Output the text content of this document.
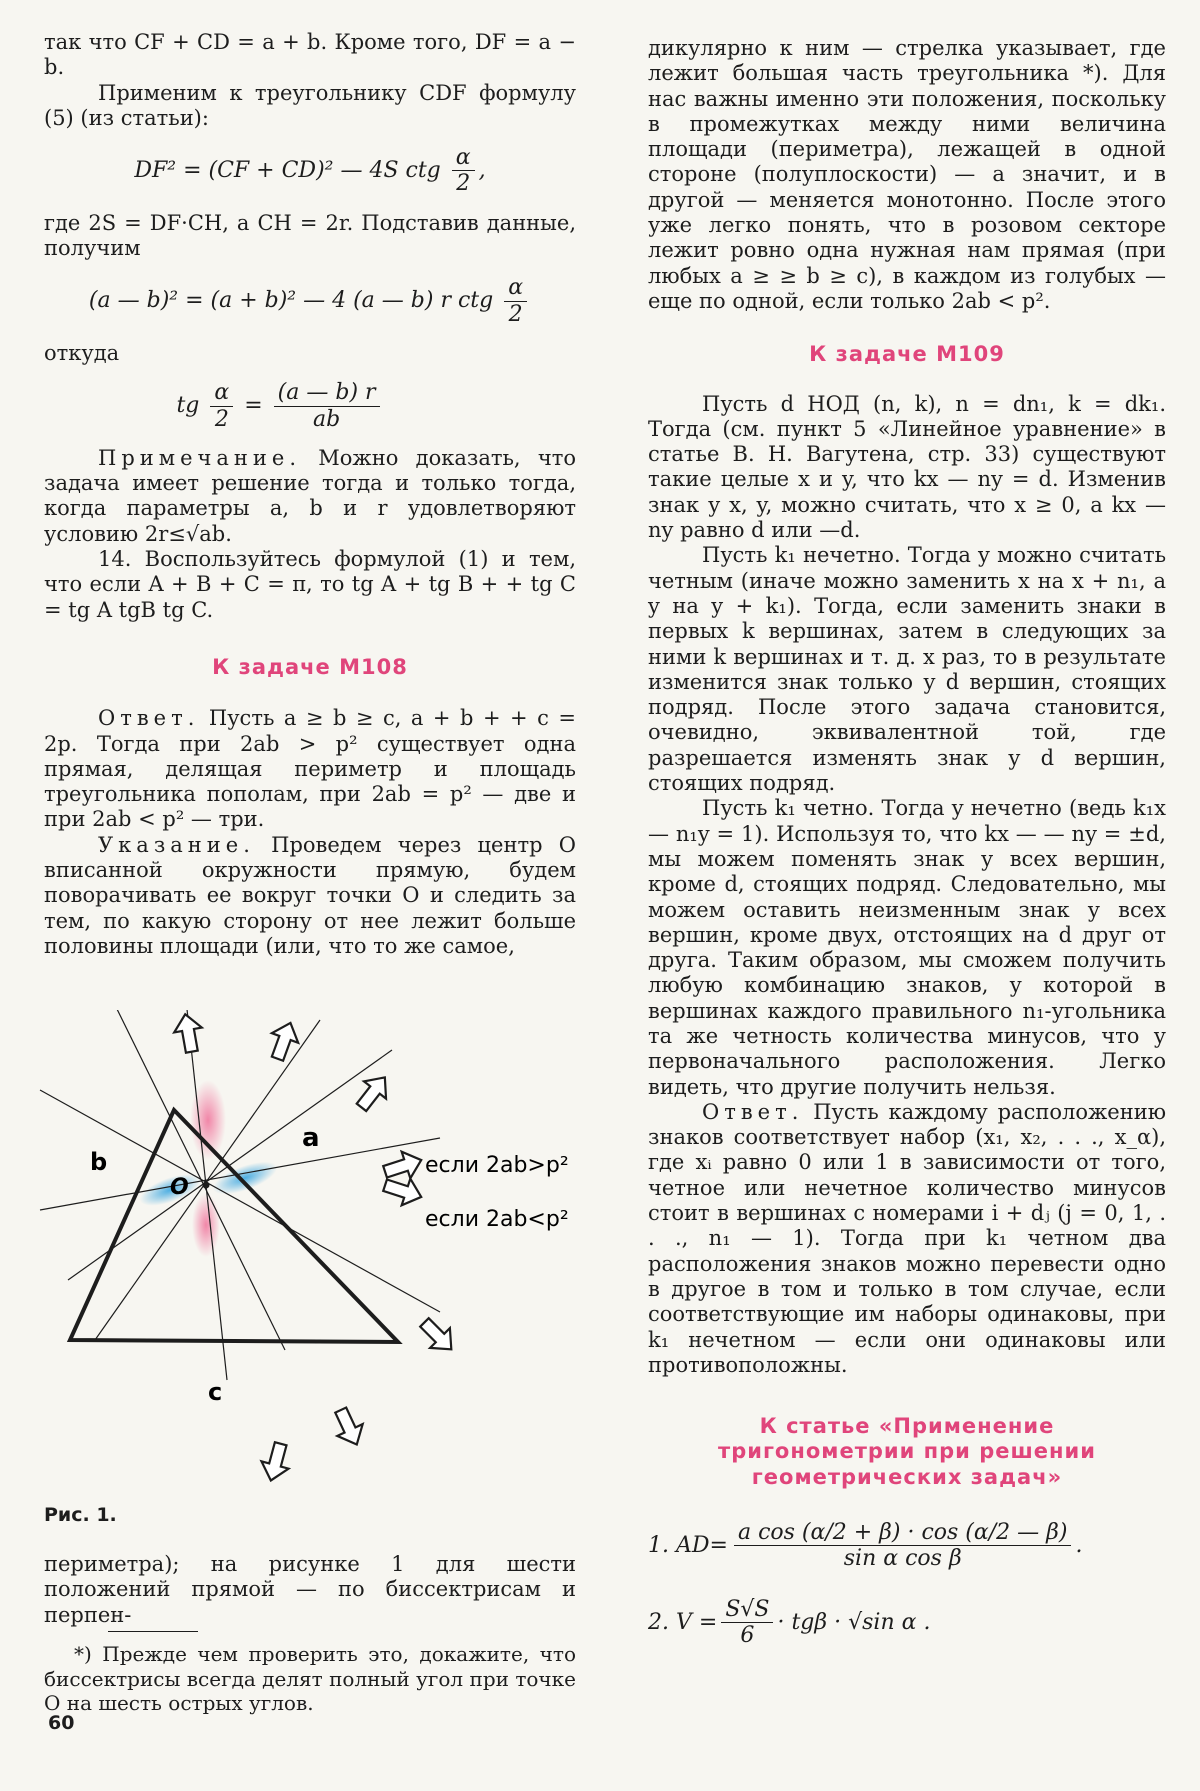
так что CF + CD = a + b. Кроме того, DF = a − b.

Применим к треугольнику CDF формулу (5) (из статьи):

DF² = (CF + CD)² — 4S ctg $\frac{\alpha}{2}$ ,

где 2S = DF·CH, а CH = 2r. Подставив данные, получим

(a — b)² = (a + b)² — 4 (a — b) r ctg $\frac{\alpha}{2}$

откуда

tg $\frac{\alpha}{2} = \frac{(a — b) r}{ab}$

Примечание. Можно доказать, что задача имеет решение тогда и только тогда, когда параметры a, b и r удовлетворяют условию 2r≤√ab.

14. Воспользуйтесь формулой (1) и тем, что если A + B + C = π, то tg A + tg B + + tg C = tg A tgB tg C.

К задаче М108

Ответ. Пусть a ≥ b ≥ c, a + b + + c = 2p. Тогда при 2ab > p² существует одна прямая, делящая периметр и площадь треугольника пополам, при 2ab = p² — две и при 2ab < p² — три.

Указание. Проведем через центр O вписанной окружности прямую, будем поворачивать ее вокруг точки O и следить за тем, по какую сторону от нее лежит больше половины площади (или, что то же самое,

b
a
c
O
если 2ab>p²
если 2ab<p²
Рис. 1.
периметра); на рисунке 1 для шести положений прямой — по биссектрисам и перпен-
*) Прежде чем проверить это, докажите, что биссектрисы всегда делят полный угол при точке O на шесть острых углов.
60

дикулярно к ним — стрелка указывает, где лежит большая часть треугольника *). Для нас важны именно эти положения, поскольку в промежутках между ними величина площади (периметра), лежащей в одной стороне (полуплоскости) — а значит, и в другой — меняется монотонно. После этого уже легко понять, что в розовом секторе лежит ровно одна нужная нам прямая (при любых a ≥ ≥ b ≥ c), в каждом из голубых — еще по одной, если только 2ab < p².

К задаче М109

Пусть d НОД (n, k), n = dn₁, k = dk₁. Тогда (см. пункт 5 «Линейное уравнение» в статье В. Н. Вагутена, стр. 33) существуют такие целые x и y, что kx — ny = d. Изменив знак у x, y, можно считать, что x ≥ 0, а kx — ny равно d или —d.

Пусть k₁ нечетно. Тогда y можно считать четным (иначе можно заменить x на x + n₁, а y на y + k₁). Тогда, если заменить знаки в первых k вершинах, затем в следующих за ними k вершинах и т. д. x раз, то в результате изменится знак только у d вершин, стоящих подряд. После этого задача становится, очевидно, эквивалентной той, где разрешается изменять знак у d вершин, стоящих подряд.

Пусть k₁ четно. Тогда y нечетно (ведь k₁x — n₁y = 1). Используя то, что kx — — ny = ±d, мы можем поменять знак у всех вершин, кроме d, стоящих подряд. Следовательно, мы можем оставить неизменным знак у всех вершин, кроме двух, отстоящих на d друг от друга. Таким образом, мы сможем получить любую комбинацию знаков, у которой в вершинах каждого правильного n₁-угольника та же четность количества минусов, что у первоначального расположения. Легко видеть, что другие получить нельзя.

Ответ. Пусть каждому расположению знаков соответствует набор (x₁, x₂, . . ., x_α), где xᵢ равно 0 или 1 в зависимости от того, четное или нечетное количество минусов стоит в вершинах с номерами i + dⱼ (j = 0, 1, . . ., n₁ — 1). Тогда при k₁ четном два расположения знаков можно перевести одно в другое в том и только в том случае, если соответствующие им наборы одинаковы, при k₁ нечетном — если они одинаковы или противоположны.

К статье «Применение тригонометрии при решении геометрических задач»

1. $AD= \frac{\text{a cos (α/2 + β) · cos (α/2 — β)}}{\text{sin α cos β}}$ .
2. $V = \frac{S√S}{6} \cdot tg\beta \cdot √\sin$ α .
